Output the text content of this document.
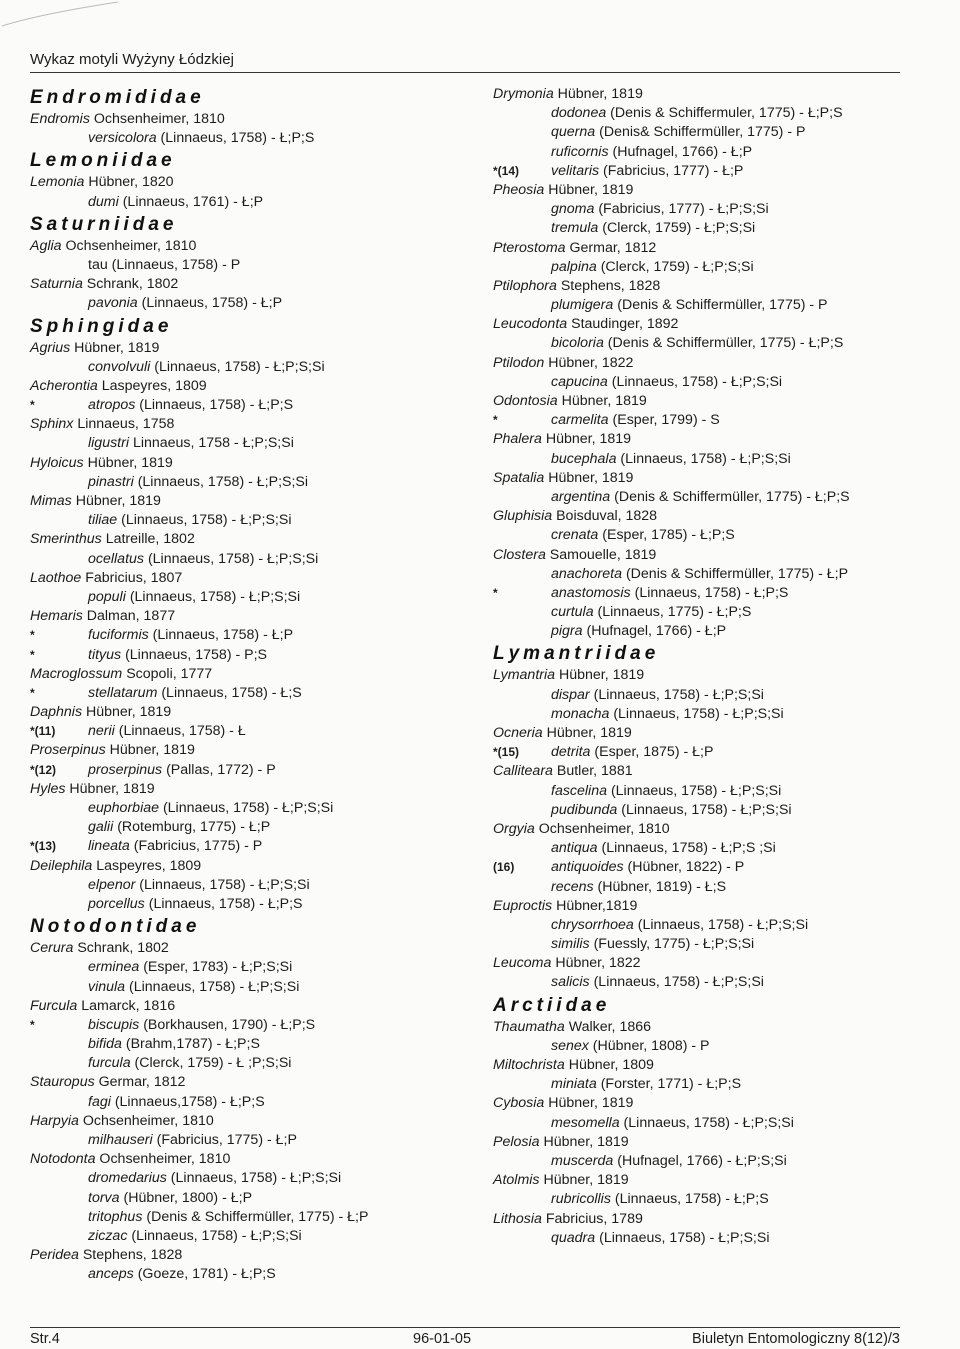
Wykaz motyli Wyżyny Łódzkiej
Endromididae
Endromis Ochsenheimer, 1810
versicolora (Linnaeus, 1758) - Ł;P;S
Lemoniidae
Lemonia Hübner, 1820
dumi (Linnaeus, 1761) - Ł;P
Saturniidae
Aglia Ochsenheimer, 1810
tau (Linnaeus, 1758) - P
Saturnia Schrank, 1802
pavonia (Linnaeus, 1758) - Ł;P
Sphingidae
Agrius Hübner, 1819
convolvuli (Linnaeus, 1758) - Ł;P;S;Si
Acherontia Laspeyres, 1809
*	atropos (Linnaeus, 1758) - Ł;P;S
Sphinx Linnaeus, 1758
ligustri Linnaeus, 1758 - Ł;P;S;Si
Hyloicus Hübner, 1819
pinastri (Linnaeus, 1758) - Ł;P;S;Si
Mimas Hübner, 1819
tiliae (Linnaeus, 1758) - Ł;P;S;Si
Smerinthus Latreille, 1802
ocellatus (Linnaeus, 1758) - Ł;P;S;Si
Laothoe Fabricius, 1807
populi (Linnaeus, 1758) - Ł;P;S;Si
Hemaris Dalman, 1877
*	fuciformis (Linnaeus, 1758) - Ł;P
*	tityus (Linnaeus, 1758) - P;S
Macroglossum Scopoli, 1777
*	stellatarum (Linnaeus, 1758) - Ł;S
Daphnis Hübner, 1819
*(11) nerii (Linnaeus, 1758) - Ł
Proserpinus Hübner, 1819
*(12) proserpinus (Pallas, 1772) - P
Hyles Hübner, 1819
euphorbiae (Linnaeus, 1758) - Ł;P;S;Si
galii (Rotemburg, 1775) - Ł;P
*(13) lineata (Fabricius, 1775) - P
Deilephila Laspeyres, 1809
elpenor (Linnaeus, 1758) - Ł;P;S;Si
porcellus (Linnaeus, 1758) - Ł;P;S
Notodontidae
Cerura Schrank, 1802
erminea (Esper, 1783) - Ł;P;S;Si
vinula (Linnaeus, 1758) - Ł;P;S;Si
Furcula Lamarck, 1816
*	biscupis (Borkhausen, 1790) - Ł;P;S
bifida (Brahm,1787) - Ł;P;S
furcula (Clerck, 1759) - Ł ;P;S;Si
Stauropus Germar, 1812
fagi (Linnaeus,1758) - Ł;P;S
Harpyia Ochsenheimer, 1810
milhauseri (Fabricius, 1775) - Ł;P
Notodonta Ochsenheimer, 1810
dromedarius (Linnaeus, 1758) - Ł;P;S;Si
torva (Hübner, 1800) - Ł;P
tritophus (Denis & Schiffermüller, 1775) - Ł;P
ziczac (Linnaeus, 1758) - Ł;P;S;Si
Peridea Stephens, 1828
anceps (Goeze, 1781) - Ł;P;S
Drymonia Hübner, 1819
dodonea (Denis & Schiffermuler, 1775) - Ł;P;S
querna (Denis& Schiffermüller, 1775) - P
ruficornis (Hufnagel, 1766) - Ł;P
*(14) velitaris (Fabricius, 1777) - Ł;P
Pheosia Hübner, 1819
gnoma (Fabricius, 1777) - Ł;P;S;Si
tremula (Clerck, 1759) - Ł;P;S;Si
Pterostoma Germar, 1812
palpina (Clerck, 1759) - Ł;P;S;Si
Ptilophora Stephens, 1828
plumigera (Denis & Schiffermüller, 1775) - P
Leucodonta Staudinger, 1892
bicoloria (Denis & Schiffermüller, 1775) - Ł;P;S
Ptilodon Hübner, 1822
capucina (Linnaeus, 1758) - Ł;P;S;Si
Odontosia Hübner, 1819
*	carmelita (Esper, 1799) - S
Phalera Hübner, 1819
bucephala (Linnaeus, 1758) - Ł;P;S;Si
Spatalia Hübner, 1819
argentina (Denis & Schiffermüller, 1775) - Ł;P;S
Gluphisia Boisduval, 1828
crenata (Esper, 1785) - Ł;P;S
Clostera Samouelle, 1819
anachoreta (Denis & Schiffermüller, 1775) - Ł;P
*	anastomosis (Linnaeus, 1758) - Ł;P;S
curtula (Linnaeus, 1775) - Ł;P;S
pigra (Hufnagel, 1766) - Ł;P
Lymantriidae
Lymantria Hübner, 1819
dispar (Linnaeus, 1758) - Ł;P;S;Si
monacha (Linnaeus, 1758) - Ł;P;S;Si
Ocneria Hübner, 1819
*(15) detrita (Esper, 1875) - Ł;P
Calliteara Butler, 1881
fascelina (Linnaeus, 1758) - Ł;P;S;Si
pudibunda (Linnaeus, 1758) - Ł;P;S;Si
Orgyia Ochsenheimer, 1810
antiqua (Linnaeus, 1758) - Ł;P;S ;Si
(16)	antiquoides (Hübner, 1822) - P
recens (Hübner, 1819) - Ł;S
Euproctis Hübner,1819
chrysorrhoea (Linnaeus, 1758) - Ł;P;S;Si
similis (Fuessly, 1775) - Ł;P;S;Si
Leucoma Hübner, 1822
salicis (Linnaeus, 1758) - Ł;P;S;Si
Arctiidae
Thaumatha Walker, 1866
senex (Hübner, 1808) - P
Miltochrista Hübner, 1809
miniata (Forster, 1771) - Ł;P;S
Cybosia Hübner, 1819
mesomella (Linnaeus, 1758) - Ł;P;S;Si
Pelosia Hübner, 1819
muscerda (Hufnagel, 1766) - Ł;P;S;Si
Atolmis Hübner, 1819
rubricollis (Linnaeus, 1758) - Ł;P;S
Lithosia Fabricius, 1789
quadra (Linnaeus, 1758) - Ł;P;S;Si
Str.4	96-01-05	Biuletyn Entomologiczny 8(12)/3
